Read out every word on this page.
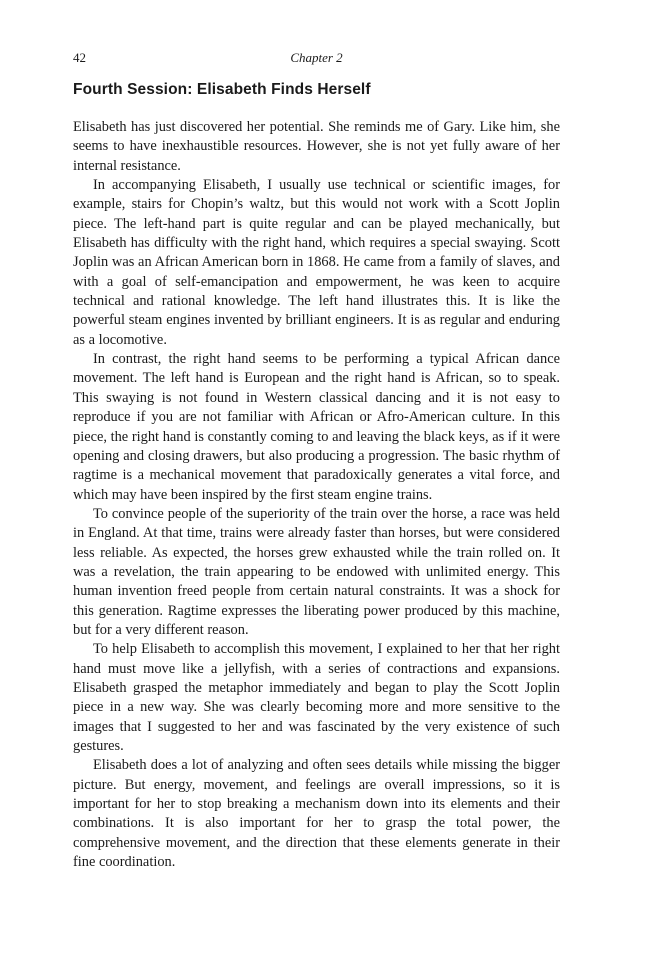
42	Chapter 2
Fourth Session: Elisabeth Finds Herself

Elisabeth has just discovered her potential. She reminds me of Gary. Like him, she seems to have inexhaustible resources. However, she is not yet fully aware of her internal resistance.

In accompanying Elisabeth, I usually use technical or scientific images, for example, stairs for Chopin’s waltz, but this would not work with a Scott Joplin piece. The left-hand part is quite regular and can be played mechanically, but Elisabeth has difficulty with the right hand, which requires a special swaying. Scott Joplin was an African American born in 1868. He came from a family of slaves, and with a goal of self-emancipation and empowerment, he was keen to acquire technical and rational knowledge. The left hand illustrates this. It is like the powerful steam engines invented by brilliant engineers. It is as regular and enduring as a locomotive.

In contrast, the right hand seems to be performing a typical African dance movement. The left hand is European and the right hand is African, so to speak. This swaying is not found in Western classical dancing and it is not easy to reproduce if you are not familiar with African or Afro-American culture. In this piece, the right hand is constantly coming to and leaving the black keys, as if it were opening and closing drawers, but also producing a progression. The basic rhythm of ragtime is a mechanical movement that paradoxically generates a vital force, and which may have been inspired by the first steam engine trains.

To convince people of the superiority of the train over the horse, a race was held in England. At that time, trains were already faster than horses, but were considered less reliable. As expected, the horses grew exhausted while the train rolled on. It was a revelation, the train appearing to be endowed with unlimited energy. This human invention freed people from certain natural constraints. It was a shock for this generation. Ragtime expresses the liberating power produced by this machine, but for a very different reason.

To help Elisabeth to accomplish this movement, I explained to her that her right hand must move like a jellyfish, with a series of contractions and expansions. Elisabeth grasped the metaphor immediately and began to play the Scott Joplin piece in a new way. She was clearly becoming more and more sensitive to the images that I suggested to her and was fascinated by the very existence of such gestures.

Elisabeth does a lot of analyzing and often sees details while missing the bigger picture. But energy, movement, and feelings are overall impressions, so it is important for her to stop breaking a mechanism down into its elements and their combinations. It is also important for her to grasp the total power, the comprehensive movement, and the direction that these elements generate in their fine coordination.
